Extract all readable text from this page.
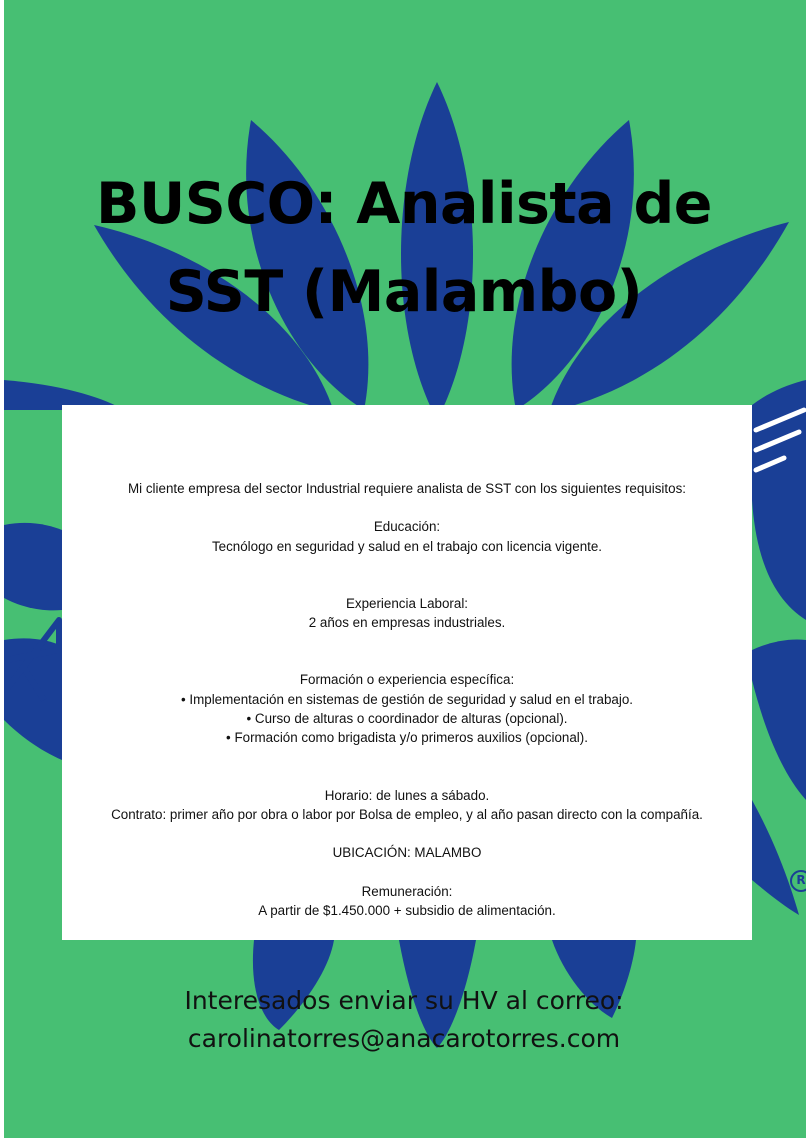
BUSCO: Analista de
SST (Malambo)

Mi cliente empresa del sector Industrial requiere analista de SST con los siguientes requisitos:

Educación:

Tecnólogo en seguridad y salud en el trabajo con licencia vigente.

Experiencia Laboral:

2 años en empresas industriales.

Formación o experiencia específica:

• Implementación en sistemas de gestión de seguridad y salud en el trabajo.

• Curso de alturas o coordinador de alturas (opcional).

• Formación como brigadista y/o primeros auxilios (opcional).

Horario: de lunes a sábado.

Contrato: primer año por obra o labor por Bolsa de empleo, y al año pasan directo con la compañía.

UBICACIÓN: MALAMBO

Remuneración:

A partir de $1.450.000 + subsidio de alimentación.

Interesados enviar su HV al correo:

carolinatorres@anacarotorres.com

R
